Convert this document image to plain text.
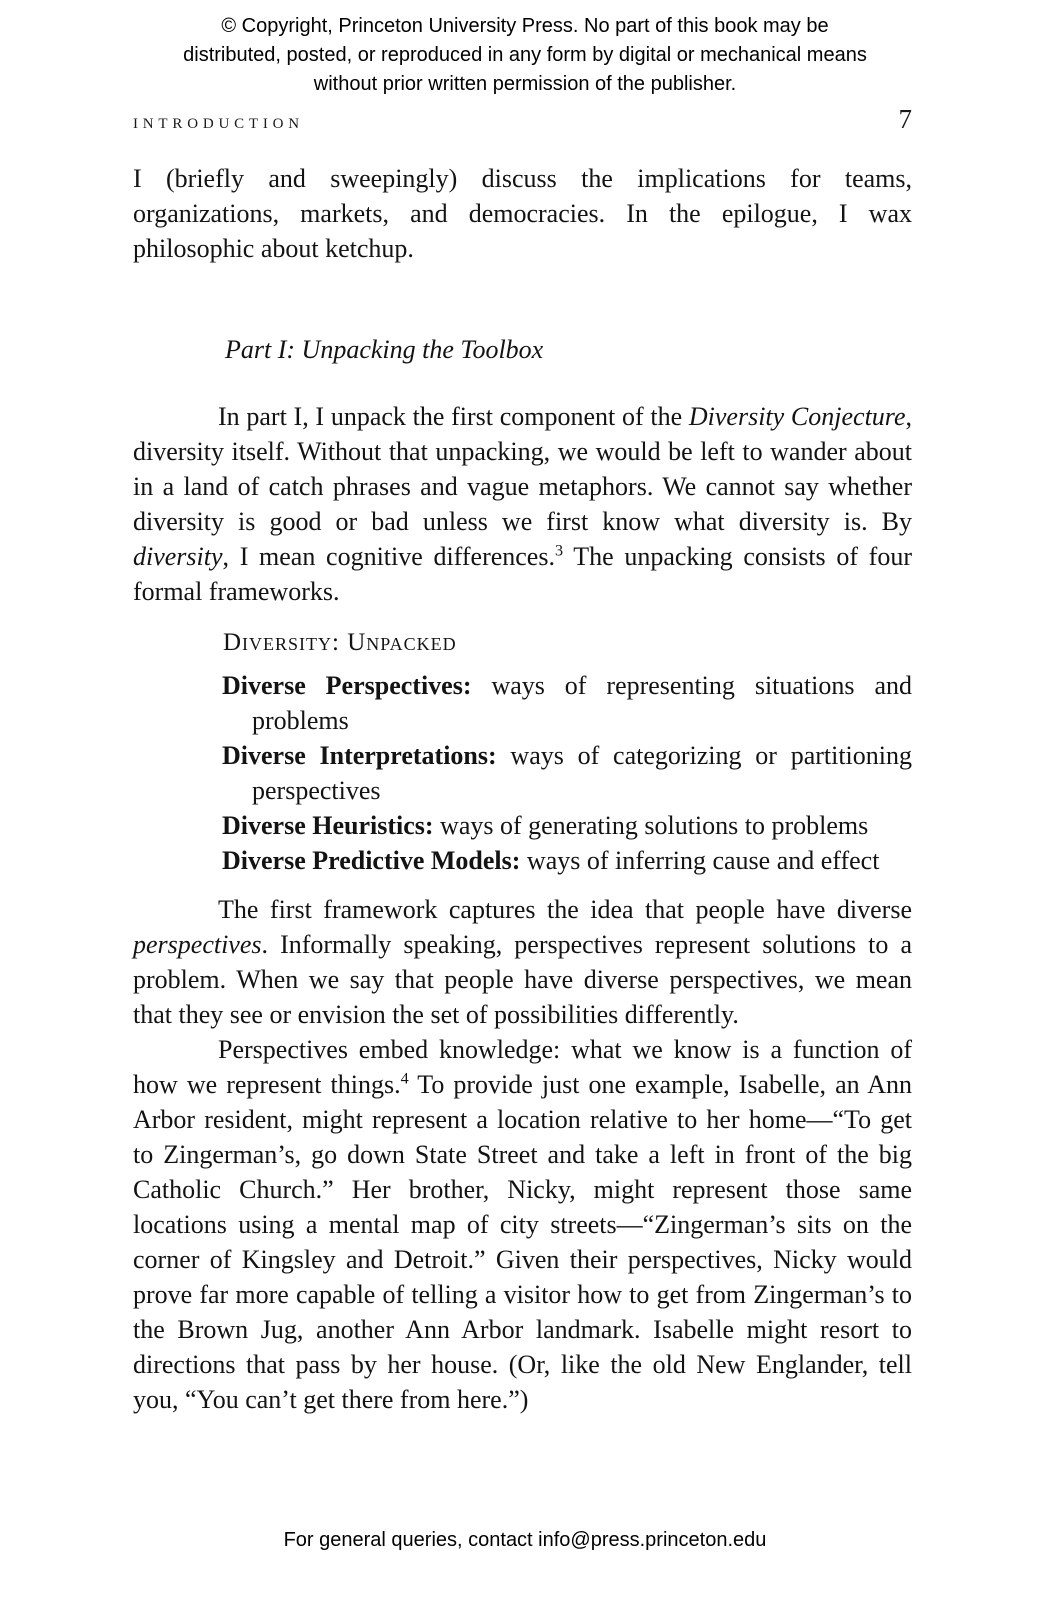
© Copyright, Princeton University Press. No part of this book may be distributed, posted, or reproduced in any form by digital or mechanical means without prior written permission of the publisher.
INTRODUCTION	7

I (briefly and sweepingly) discuss the implications for teams, organizations, markets, and democracies. In the epilogue, I wax philosophic about ketchup.

Part I: Unpacking the Toolbox

In part I, I unpack the first component of the Diversity Conjecture, diversity itself. Without that unpacking, we would be left to wander about in a land of catch phrases and vague metaphors. We cannot say whether diversity is good or bad unless we first know what diversity is. By diversity, I mean cognitive differences.$^3$ The unpacking consists of four formal frameworks.

Diversity: Unpacked

Diverse Perspectives: ways of representing situations and problems

Diverse Interpretations: ways of categorizing or partitioning perspectives

Diverse Heuristics: ways of generating solutions to problems

Diverse Predictive Models: ways of inferring cause and effect

The first framework captures the idea that people have diverse perspectives. Informally speaking, perspectives represent solutions to a problem. When we say that people have diverse perspectives, we mean that they see or envision the set of possibilities differently.

Perspectives embed knowledge: what we know is a function of how we represent things.$^4$ To provide just one example, Isabelle, an Ann Arbor resident, might represent a location relative to her home—“To get to Zingerman’s, go down State Street and take a left in front of the big Catholic Church.” Her brother, Nicky, might represent those same locations using a mental map of city streets—“Zingerman’s sits on the corner of Kingsley and Detroit.” Given their perspectives, Nicky would prove far more capable of telling a visitor how to get from Zingerman’s to the Brown Jug, another Ann Arbor landmark. Isabelle might resort to directions that pass by her house. (Or, like the old New Englander, tell you, “You can’t get there from here.”)

For general queries, contact info@press.princeton.edu
